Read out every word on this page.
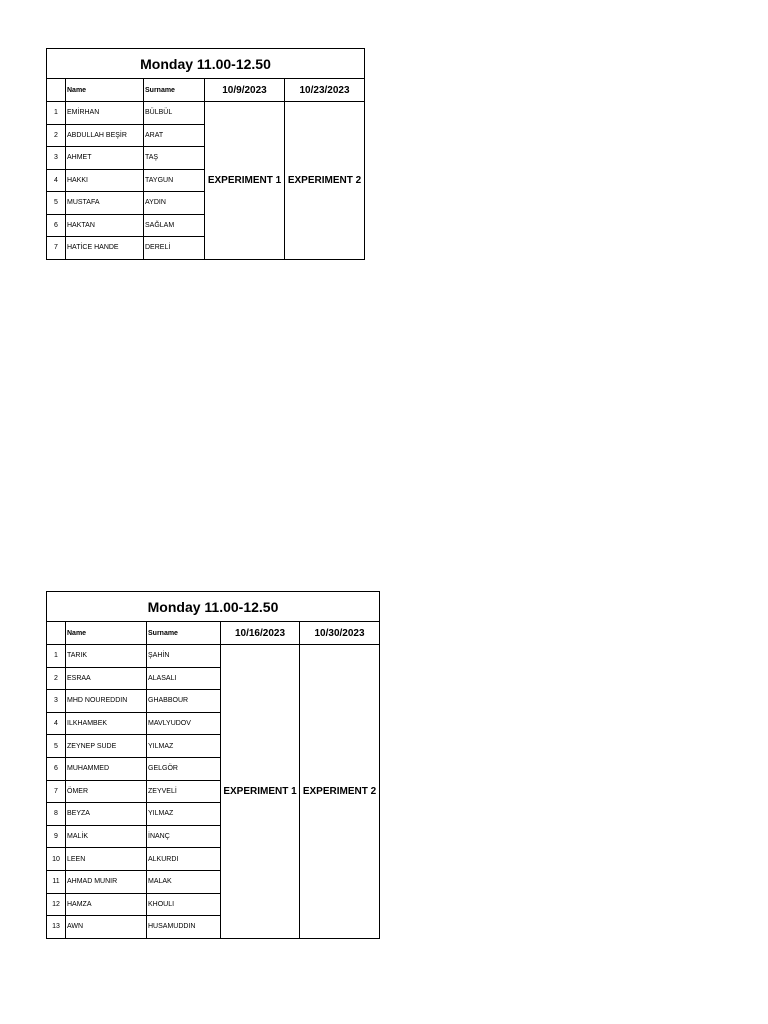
Monday 11.00-12.50				
	Name	Surname	10/9/2023	10/23/2023
1	EMİRHAN	BÜLBÜL	EXPERIMENT 1	EXPERIMENT 2
2	ABDULLAH BEŞİR	ARAT		
3	AHMET	TAŞ		
4	HAKKI	TAYGUN		
5	MUSTAFA	AYDIN		
6	HAKTAN	SAĞLAM		
7	HATİCE HANDE	DERELİ		
Monday 11.00-12.50				
	Name	Surname	10/16/2023	10/30/2023
1	TARIK	ŞAHİN	EXPERIMENT 1	EXPERIMENT 2
2	ESRAA	ALASALI		
3	MHD NOUREDDIN	GHABBOUR		
4	ILKHAMBEK	MAVLYUDOV		
5	ZEYNEP SUDE	YILMAZ		
6	MUHAMMED	GELGÖR		
7	ÖMER	ZEYVELİ		
8	BEYZA	YILMAZ		
9	MALİK	İNANÇ		
10	LEEN	ALKURDI		
11	AHMAD MUNIR	MALAK		
12	HAMZA	KHOULI		
13	AWN	HUSAMUDDIN		
